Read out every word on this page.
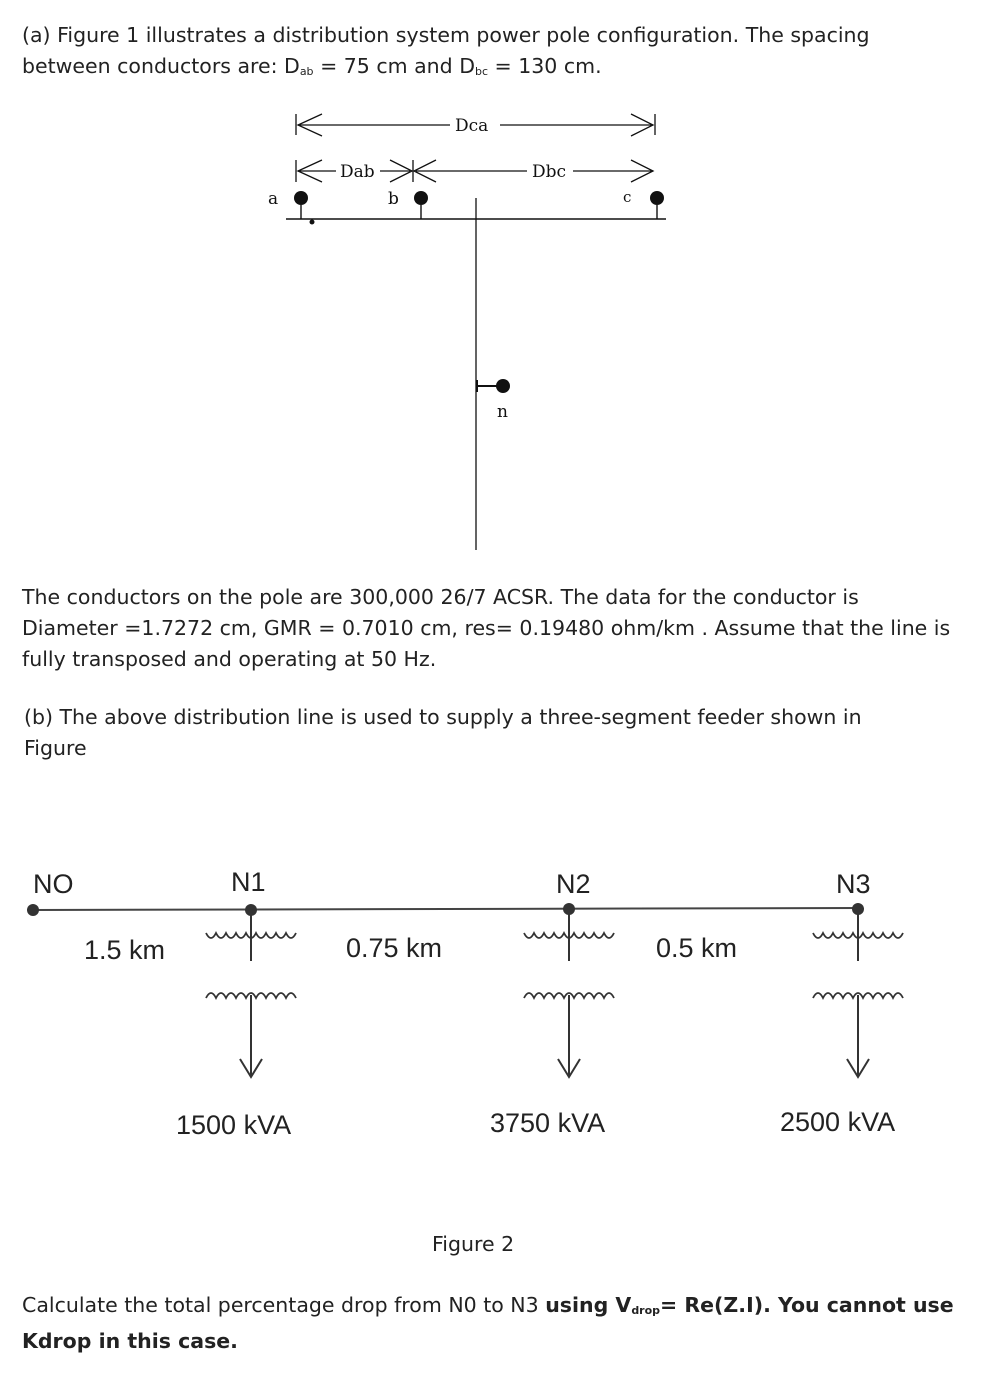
(a) Figure 1 illustrates a distribution system power pole configuration. The spacing
between conductors are: $D_{ab} = 75$ cm and $D_{bc} = 130$ cm.
Dca
Dab	Dbc
a	b	c
n
The conductors on the pole are 300,000 26/7 ACSR. The data for the conductor is
Diameter =1.7272 cm, GMR = 0.7010 cm, res= 0.19480 ohm/km . Assume that the line is
fully transposed and operating at 50 Hz.
(b) The above distribution line is used to supply a three-segment feeder shown in
Figure
NO	N1	N2	N3
1.5 km	0.75 km	0.5 km
1500 kVA	3750 kVA	2500 kVA
Figure 2
Calculate the total percentage drop from N0 to N3 using $V_{drop}= Re(Z.I)$. You cannot use
Kdrop in this case.
